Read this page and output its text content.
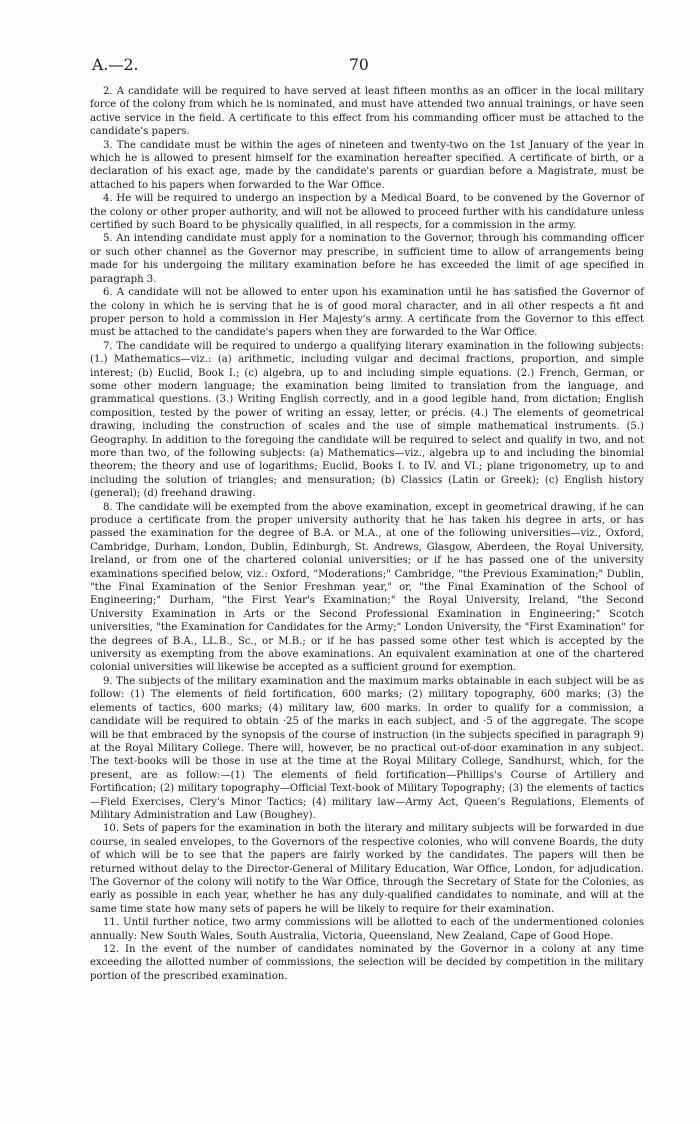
A.—2.	70

2. A candidate will be required to have served at least fifteen months as an officer in the local military force of the colony from which he is nominated, and must have attended two annual trainings, or have seen active service in the field. A certificate to this effect from his commanding officer must be attached to the candidate's papers.

3. The candidate must be within the ages of nineteen and twenty-two on the 1st January of the year in which he is allowed to present himself for the examination hereafter specified. A certificate of birth, or a declaration of his exact age, made by the candidate's parents or guardian before a Magistrate, must be attached to his papers when forwarded to the War Office.

4. He will be required to undergo an inspection by a Medical Board, to be convened by the Governor of the colony or other proper authority, and will not be allowed to proceed further with his candidature unless certified by such Board to be physically qualified, in all respects, for a commission in the army.

5. An intending candidate must apply for a nomination to the Governor, through his commanding officer or such other channel as the Governor may prescribe, in sufficient time to allow of arrangements being made for his undergoing the military examination before he has exceeded the limit of age specified in paragraph 3.

6. A candidate will not be allowed to enter upon his examination until he has satisfied the Governor of the colony in which he is serving that he is of good moral character, and in all other respects a fit and proper person to hold a commission in Her Majesty's army. A certificate from the Governor to this effect must be attached to the candidate's papers when they are forwarded to the War Office.

7. The candidate will be required to undergo a qualifying literary examination in the following subjects: (1.) Mathematics—viz.: (a) arithmetic, including vulgar and decimal fractions, proportion, and simple interest; (b) Euclid, Book I.; (c) algebra, up to and including simple equations. (2.) French, German, or some other modern language; the examination being limited to translation from the language, and grammatical questions. (3.) Writing English correctly, and in a good legible hand, from dictation; English composition, tested by the power of writing an essay, letter, or précis. (4.) The elements of geometrical drawing, including the construction of scales and the use of simple mathematical instruments. (5.) Geography. In addition to the foregoing the candidate will be required to select and qualify in two, and not more than two, of the following subjects: (a) Mathematics—viz., algebra up to and including the binomial theorem; the theory and use of logarithms; Euclid, Books I. to IV. and VI.; plane trigonometry, up to and including the solution of triangles; and mensuration; (b) Classics (Latin or Greek); (c) English history (general); (d) freehand drawing.

8. The candidate will be exempted from the above examination, except in geometrical drawing, if he can produce a certificate from the proper university authority that he has taken his degree in arts, or has passed the examination for the degree of B.A. or M.A., at one of the following universities—viz., Oxford, Cambridge, Durham, London, Dublin, Edinburgh, St. Andrews, Glasgow, Aberdeen, the Royal University, Ireland, or from one of the chartered colonial universities; or if he has passed one of the university examinations specified below, viz.: Oxford, "Moderations;" Cambridge, "the Previous Examination;" Dublin, "the Final Examination of the Senior Freshman year," or, "the Final Examination of the School of Engineering;" Durham, "the First Year's Examination;" the Royal University, Ireland, "the Second University Examination in Arts or the Second Professional Examination in Engineering;" Scotch universities, "the Examination for Candidates for the Army;" London University, the "First Examination" for the degrees of B.A., LL.B., Sc., or M.B.; or if he has passed some other test which is accepted by the university as exempting from the above examinations. An equivalent examination at one of the chartered colonial universities will likewise be accepted as a sufficient ground for exemption.

9. The subjects of the military examination and the maximum marks obtainable in each subject will be as follow: (1) The elements of field fortification, 600 marks; (2) military topography, 600 marks; (3) the elements of tactics, 600 marks; (4) military law, 600 marks. In order to qualify for a commission, a candidate will be required to obtain ·25 of the marks in each subject, and ·5 of the aggregate. The scope will be that embraced by the synopsis of the course of instruction (in the subjects specified in paragraph 9) at the Royal Military College. There will, however, be no practical out-of-door examination in any subject. The text-books will be those in use at the time at the Royal Military College, Sandhurst, which, for the present, are as follow:—(1) The elements of field fortification—Phillips's Course of Artillery and Fortification; (2) military topography—Official Text-book of Military Topography; (3) the elements of tactics—Field Exercises, Clery's Minor Tactics; (4) military law—Army Act, Queen's Regulations, Elements of Military Administration and Law (Boughey).

10. Sets of papers for the examination in both the literary and military subjects will be forwarded in due course, in sealed envelopes, to the Governors of the respective colonies, who will convene Boards, the duty of which will be to see that the papers are fairly worked by the candidates. The papers will then be returned without delay to the Director-General of Military Education, War Office, London, for adjudication. The Governor of the colony will notify to the War Office, through the Secretary of State for the Colonies, as early as possible in each year, whether he has any duly-qualified candidates to nominate, and will at the same time state how many sets of papers he will be likely to require for their examination.

11. Until further notice, two army commissions will be allotted to each of the undermentioned colonies annually: New South Wales, South Australia, Victoria, Queensland, New Zealand, Cape of Good Hope.

12. In the event of the number of candidates nominated by the Governor in a colony at any time exceeding the allotted number of commissions, the selection will be decided by competition in the military portion of the prescribed examination.
